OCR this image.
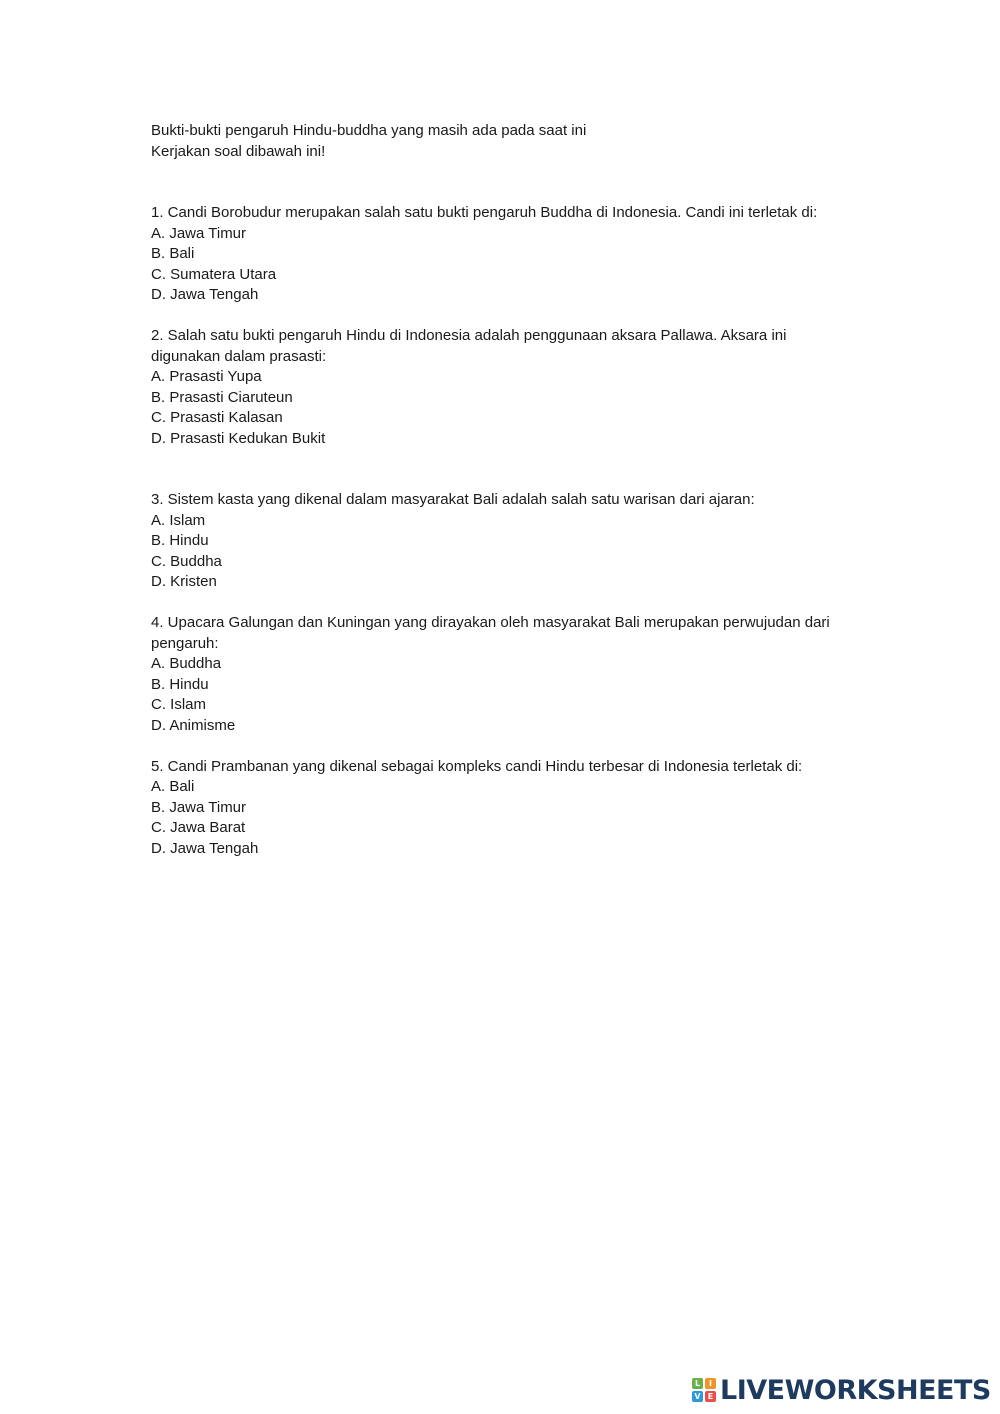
Bukti-bukti pengaruh Hindu-buddha yang masih ada pada saat ini
Kerjakan soal dibawah ini!
1. Candi Borobudur merupakan salah satu bukti pengaruh Buddha di Indonesia. Candi ini terletak di:
A. Jawa Timur
B. Bali
C. Sumatera Utara
D. Jawa Tengah
2. Salah satu bukti pengaruh Hindu di Indonesia adalah penggunaan aksara Pallawa. Aksara ini
digunakan dalam prasasti:
A. Prasasti Yupa
B. Prasasti Ciaruteun
C. Prasasti Kalasan
D. Prasasti Kedukan Bukit
3. Sistem kasta yang dikenal dalam masyarakat Bali adalah salah satu warisan dari ajaran:
A. Islam
B. Hindu
C. Buddha
D. Kristen
4. Upacara Galungan dan Kuningan yang dirayakan oleh masyarakat Bali merupakan perwujudan dari
pengaruh:
A. Buddha
B. Hindu
C. Islam
D. Animisme
5. Candi Prambanan yang dikenal sebagai kompleks candi Hindu terbesar di Indonesia terletak di:
A. Bali
B. Jawa Timur
C. Jawa Barat
D. Jawa Tengah
L	I
V E LIVEWORKSHEETS
